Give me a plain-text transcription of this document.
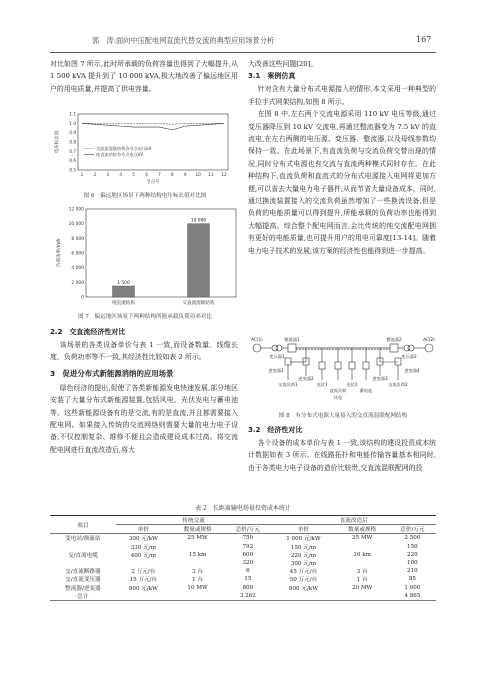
郭　涛:面向中压配电网直流代替交流的典型应用场景分析	167

对比如图 7 所示,此时所承载的负荷容量也得到了大幅提升,从 1 500 kVA 提升到了 10 000 kVA,极大地改善了偏远地区用户的用电质量,并提高了供电容量。

1.1
1.0
0.9
0.8
0.7
0.6
0.5
1 2 3 4 5 6 7 8 9 10 11 12
电压标幺值
节点号
交流流混联结构各节点电压kV
纯直流结构各节点电压kV
图 6　偏远地区场景下两种结构电压标幺值对比图
12 000
10 000
8 000
6 000
4 000
2 000
0
负荷功率/kVA
1 500
纯直流结构
10 000
交直流混联结构
图 7　偏远地区场景下两种结构所能承载负荷功率对比
2.2　交直流经济性对比

该场景的各类设备单价与表 1 一致,而设备数量、线缆长度、负荷功率等不一致,其经济性比较如表 2 所示。

3　促进分布式新能源消纳的应用场景

绿色经济的提出,促使了各类新能源发电快速发展,部分地区安装了大量分布式新能源装置,包括风电、光伏发电与蓄电池等。这些新能源设备有的是交流,有的是直流,并且都需要接入配电网。如果接入传统的交流网络则需要大量的电力电子设备,不仅控制复杂、维修不便且会造成建设成本过高。将交流配电网进行直流改造后,将大

大改善这些问题[20]。

3.1　案例仿真

针对含有大量分布式电源接入的情形,本文采用一种典型的手拉手式网架结构,如图 8 所示。

在图 8 中,左右两个交流电源采用 110 kV 电压等级,通过变压器降压到 10 kV 交流电,再通过整流器变为 7.5 kV 的直流电,在左右两侧的电压源、变压器、整流器,以及母线参数均保持一致。在此场景下,有直流负荷与交流负荷交替出现的情况,同时分布式电源也有交流与直流两种模式同时存在。在此种结构下,直流负荷和直流式的分布式电源接入电网将更加方便,可以省去大量电力电子器件,从而节省大量设备成本。同时,通过换流装置接入的交流负荷虽然增加了一些换流设备,但是负荷的电能质量可以得到提升,所能承载的负荷功率也能得到大幅提高。综合整个配电网而言,会比传统的纯交流配电网拥有更好的电能质量,也可提升用户的用电可靠度[13-14]。随着电力电子技术的发展,该方案的经济性也能得到进一步提高。

AC(1)	AC(2)
变压器1	变压器2
整流器1	整流器2
逆变器1
逆变器2	逆变器3
逆变器4
交流负荷1	交流负荷2
光伏1
直流负荷
光伏2
蓄电池
风电
图 8　有分布式电源大量接入的交直流混联配网结构
3.2　经济性对比

各个设备的成本单价与表 1 一致,该结构的建设投资成本统计数据如表 3 所示。在线路拓扑和电能传输容量基本相同时,由于各类电力电子设备的造价比较贵,交直流混联配网的投

表 2　长距离输电场景投资成本统计
项目	传统交流			直流改造后		
	单价	数量或规格	总价/万元	单价	数量或规格	总价/万元
变电站/换流站	300 元/kW	25 MW	750	1 000 元/kW	25 MW	2 500
	330 元/m		792	150 元/m		150
交/直流电缆	400 元/m	15 km	600	220 元/m	10 km	220
			320	300 元/m		100
交/直流断路器	2 万元/台	3 台	6	45 万元/台	3 台	210
交/直流变压器	15 万元/台	1 台	15	50 万元/台	1 台	85
整流器/逆变器	800 元/kW	10 MW	800	800 元/kW	20 MW	1 600
总计			3 262			4 865
